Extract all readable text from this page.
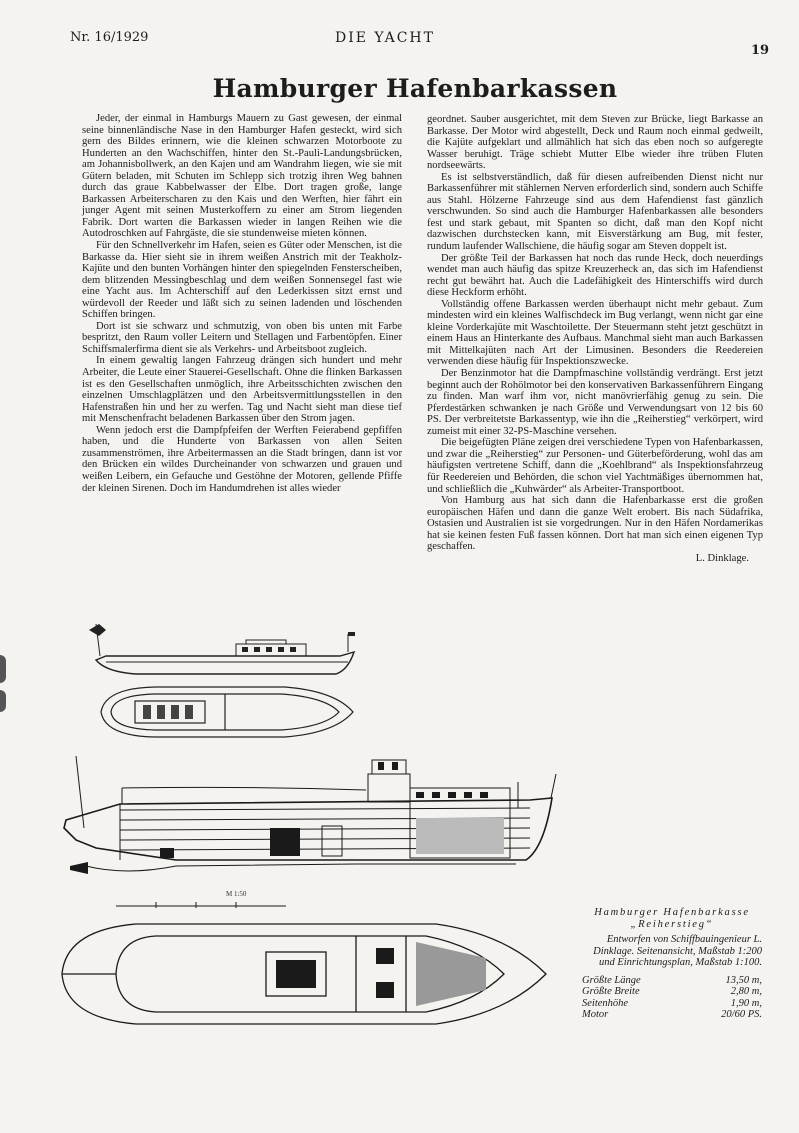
Nr. 16/1929	DIE YACHT
19
Hamburger Hafenbarkassen

Jeder, der einmal in Hamburgs Mauern zu Gast gewesen, der einmal seine binnenländische Nase in den Hamburger Hafen gesteckt, wird sich gern des Bildes erinnern, wie die kleinen schwarzen Motorboote zu Hunderten an den Wachschiffen, hinter den St.-Pauli-Landungsbrücken, am Johannisbollwerk, an den Kajen und am Wandrahm liegen, wie sie mit Gütern beladen, mit Schuten im Schlepp sich trotzig ihren Weg bahnen durch das graue Kabbelwasser der Elbe. Dort tragen große, lange Barkassen Arbeiterscharen zu den Kais und den Werften, hier fährt ein junger Agent mit seinen Musterkoffern zu einer am Strom liegenden Fabrik. Dort warten die Barkassen wieder in langen Reihen wie die Autodroschken auf Fahrgäste, die sie stundenweise mieten können.

Für den Schnellverkehr im Hafen, seien es Güter oder Menschen, ist die Barkasse da. Hier sieht sie in ihrem weißen Anstrich mit der Teakholz-Kajüte und den bunten Vorhängen hinter den spiegelnden Fensterscheiben, dem blitzenden Messingbeschlag und dem weißen Sonnensegel fast wie eine Yacht aus. Im Achterschiff auf den Lederkissen sitzt ernst und würdevoll der Reeder und läßt sich zu seinen ladenden und löschenden Schiffen bringen.

Dort ist sie schwarz und schmutzig, von oben bis unten mit Farbe bespritzt, den Raum voller Leitern und Stellagen und Farbentöpfen. Einer Schiffsmalerfirma dient sie als Verkehrs- und Arbeitsboot zugleich.

In einem gewaltig langen Fahrzeug drängen sich hundert und mehr Arbeiter, die Leute einer Stauerei-Gesellschaft. Ohne die flinken Barkassen ist es den Gesellschaften unmöglich, ihre Arbeitsschichten zwischen den einzelnen Umschlagplätzen und den Arbeitsvermittlungsstellen in den Hafenstraßen hin und her zu werfen. Tag und Nacht sieht man diese tief mit Menschenfracht beladenen Barkassen über den Strom jagen.

Wenn jedoch erst die Dampfpfeifen der Werften Feierabend gepfiffen haben, und die Hunderte von Barkassen von allen Seiten zusammenströmen, ihre Arbeitermassen an die Stadt bringen, dann ist vor den Brücken ein wildes Durcheinander von schwarzen und grauen und weißen Leibern, ein Gefauche und Gestöhne der Motoren, gellende Pfiffe der kleinen Sirenen. Doch im Handumdrehen ist alles wieder

geordnet. Sauber ausgerichtet, mit dem Steven zur Brücke, liegt Barkasse an Barkasse. Der Motor wird abgestellt, Deck und Raum noch einmal gedweilt, die Kajüte aufgeklart und allmählich hat sich das eben noch so aufgeregte Wasser beruhigt. Träge schiebt Mutter Elbe wieder ihre trüben Fluten nordseewärts.

Es ist selbstverständlich, daß für diesen aufreibenden Dienst nicht nur Barkassenführer mit stählernen Nerven erforderlich sind, sondern auch Schiffe aus Stahl. Hölzerne Fahrzeuge sind aus dem Hafendienst fast gänzlich verschwunden. So sind auch die Hamburger Hafenbarkassen alle besonders fest und stark gebaut, mit Spanten so dicht, daß man den Kopf nicht dazwischen durchstecken kann, mit Eisverstärkung am Bug, mit fester, rundum laufender Wallschiene, die häufig sogar am Steven doppelt ist.

Der größte Teil der Barkassen hat noch das runde Heck, doch neuerdings wendet man auch häufig das spitze Kreuzerheck an, das sich im Hafendienst recht gut bewährt hat. Auch die Ladefähigkeit des Hinterschiffs wird durch diese Heckform erhöht.

Vollständig offene Barkassen werden überhaupt nicht mehr gebaut. Zum mindesten wird ein kleines Walfischdeck im Bug verlangt, wenn nicht gar eine kleine Vorderkajüte mit Waschtoilette. Der Steuermann steht jetzt geschützt in einem Haus an Hinterkante des Aufbaus. Manchmal sieht man auch Barkassen mit Mittelkajüten nach Art der Limusinen. Besonders die Reedereien verwenden diese häufig für Inspektionszwecke.

Der Benzinmotor hat die Dampfmaschine vollständig verdrängt. Erst jetzt beginnt auch der Rohölmotor bei den konservativen Barkassenführern Eingang zu finden. Man warf ihm vor, nicht manövrierfähig genug zu sein. Die Pferdestärken schwanken je nach Größe und Verwendungsart von 12 bis 60 PS. Der verbreitetste Barkassentyp, wie ihn die „Reiherstieg“ verkörpert, wird zumeist mit einer 32-PS-Maschine versehen.

Die beigefügten Pläne zeigen drei verschiedene Typen von Hafenbarkassen, und zwar die „Reiherstieg“ zur Personen- und Güterbeförderung, wohl das am häufigsten vertretene Schiff, dann die „Koehlbrand“ als Inspektionsfahrzeug für Reedereien und Behörden, die schon viel Yachtmäßiges übernommen hat, und schließlich die „Kuhwärder“ als Arbeiter-Transportboot.

Von Hamburg aus hat sich dann die Hafenbarkasse erst die großen europäischen Häfen und dann die ganze Welt erobert. Bis nach Südafrika, Ostasien und Australien ist sie vorgedrungen. Nur in den Häfen Nordamerikas hat sie keinen festen Fuß fassen können. Dort hat man sich einen eigenen Typ geschaffen.

L. Dinklage.
M 1:50
Hamburger Hafenbarkasse „Reiherstieg“
Entworfen von Schiffbauingenieur L. Dinklage. Seitenansicht, Maßstab 1:200 und Einrichtungsplan, Maßstab 1:100.
Größte Länge	13,50 m,
Größte Breite	2,80 m,
Seitenhöhe	1,90 m,
Motor	20/60 PS.
